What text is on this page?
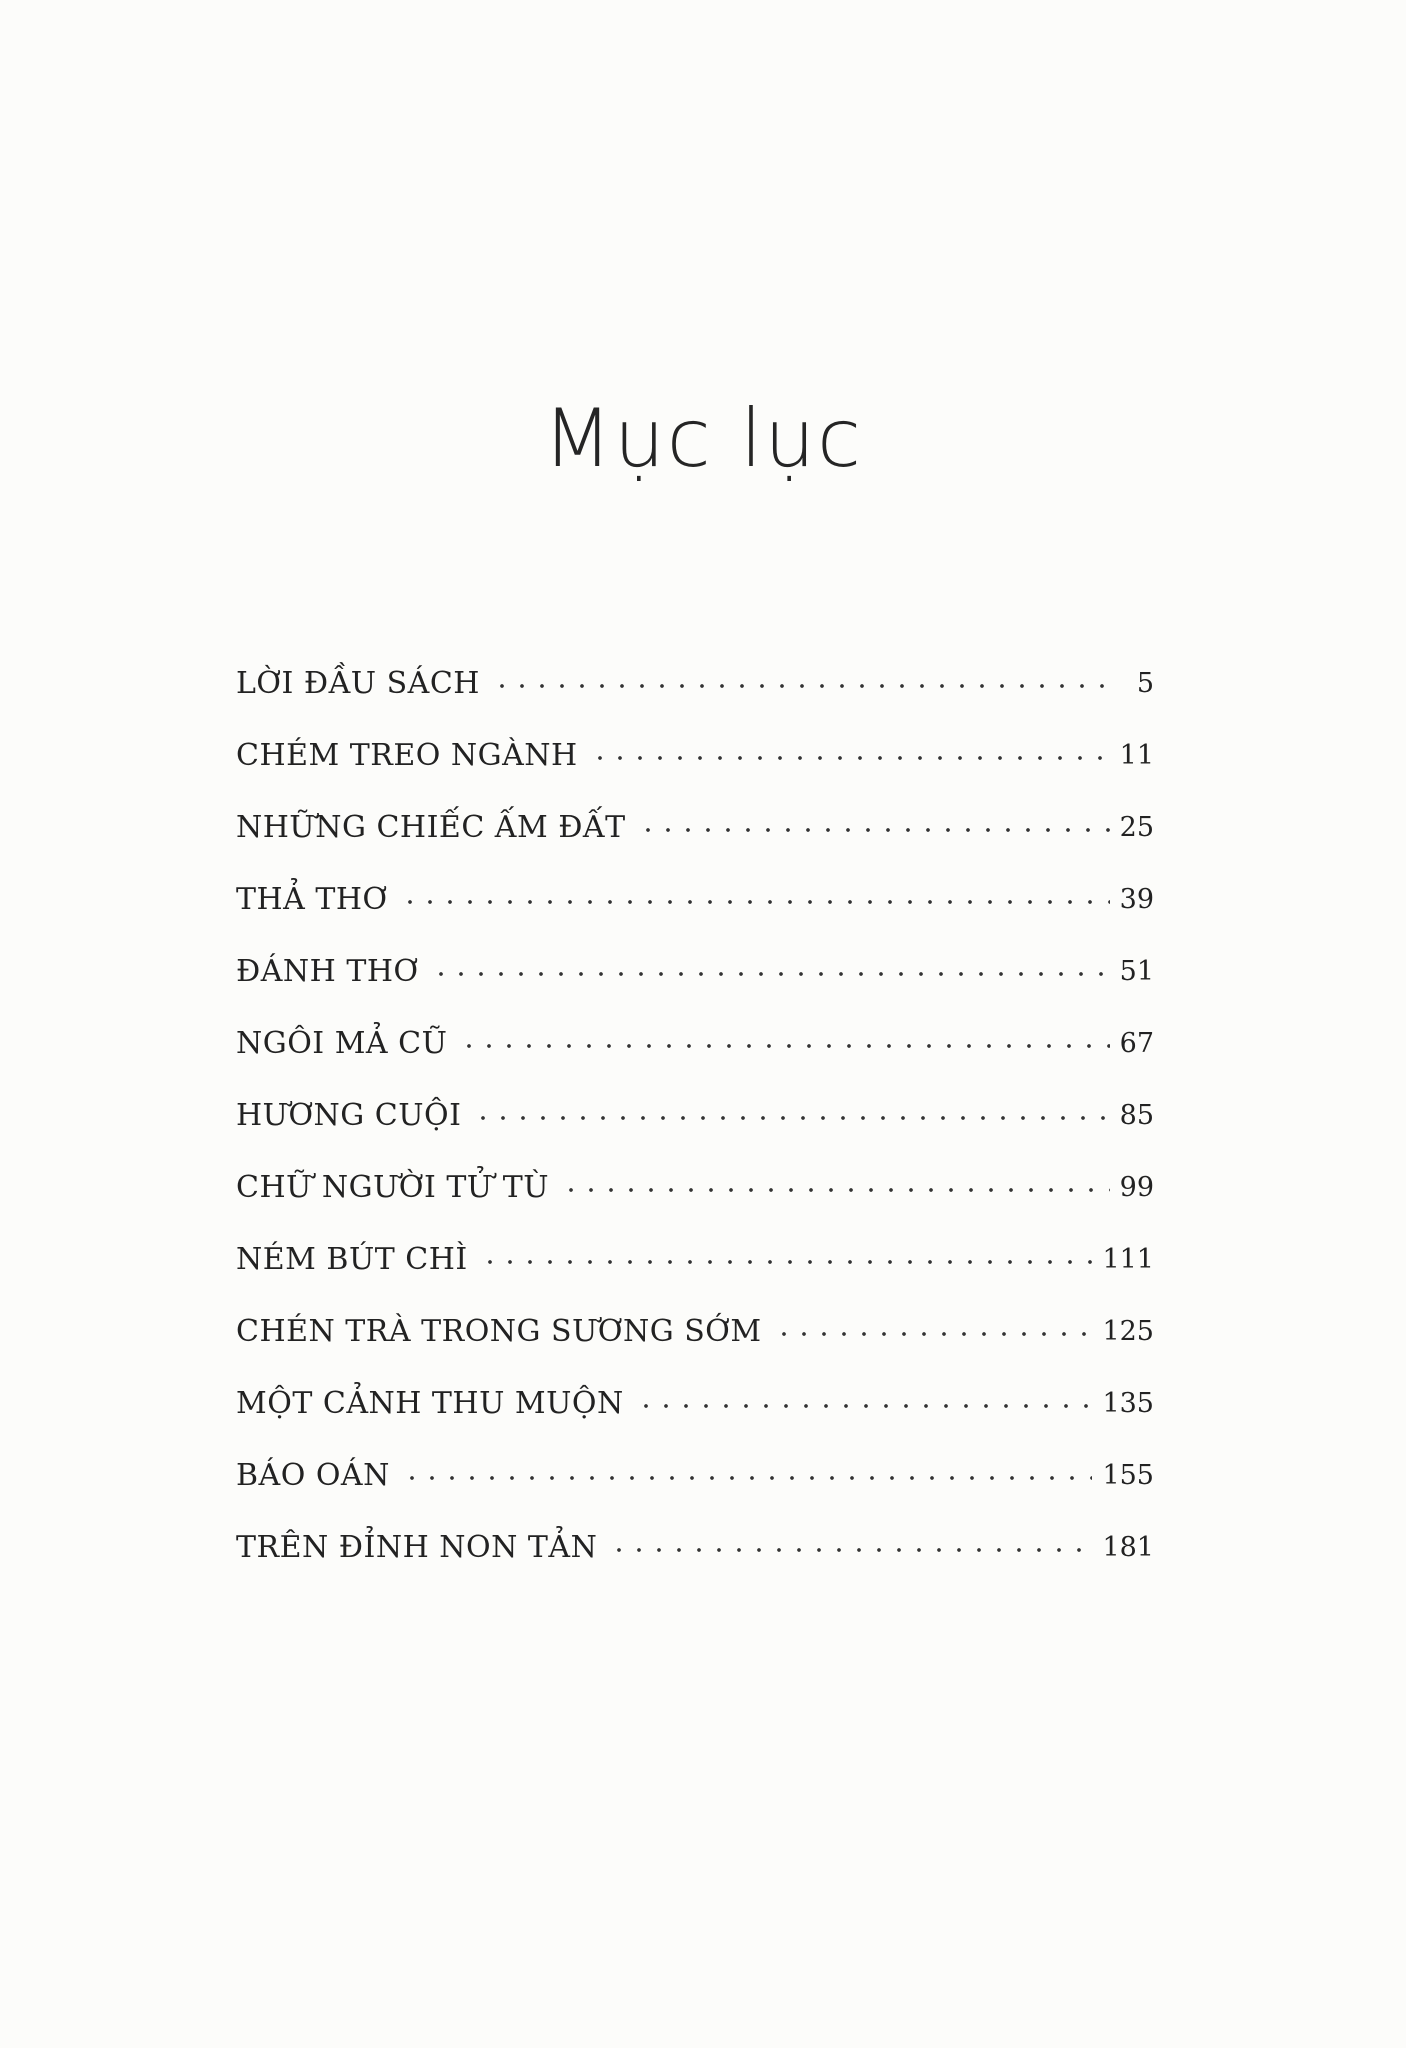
Mục lục
LỜI ĐẦU SÁCH	5
CHÉM TREO NGÀNH	11
NHỮNG CHIẾC ẤM ĐẤT	25
THẢ THƠ	39
ĐÁNH THƠ	51
NGÔI MẢ CŨ	67
HƯƠNG CUỘI	85
CHỮ NGƯỜI TỬ TÙ	99
NÉM BÚT CHÌ	111
CHÉN TRÀ TRONG SƯƠNG SỚM	125
MỘT CẢNH THU MUỘN	135
BÁO OÁN	155
TRÊN ĐỈNH NON TẢN	181
